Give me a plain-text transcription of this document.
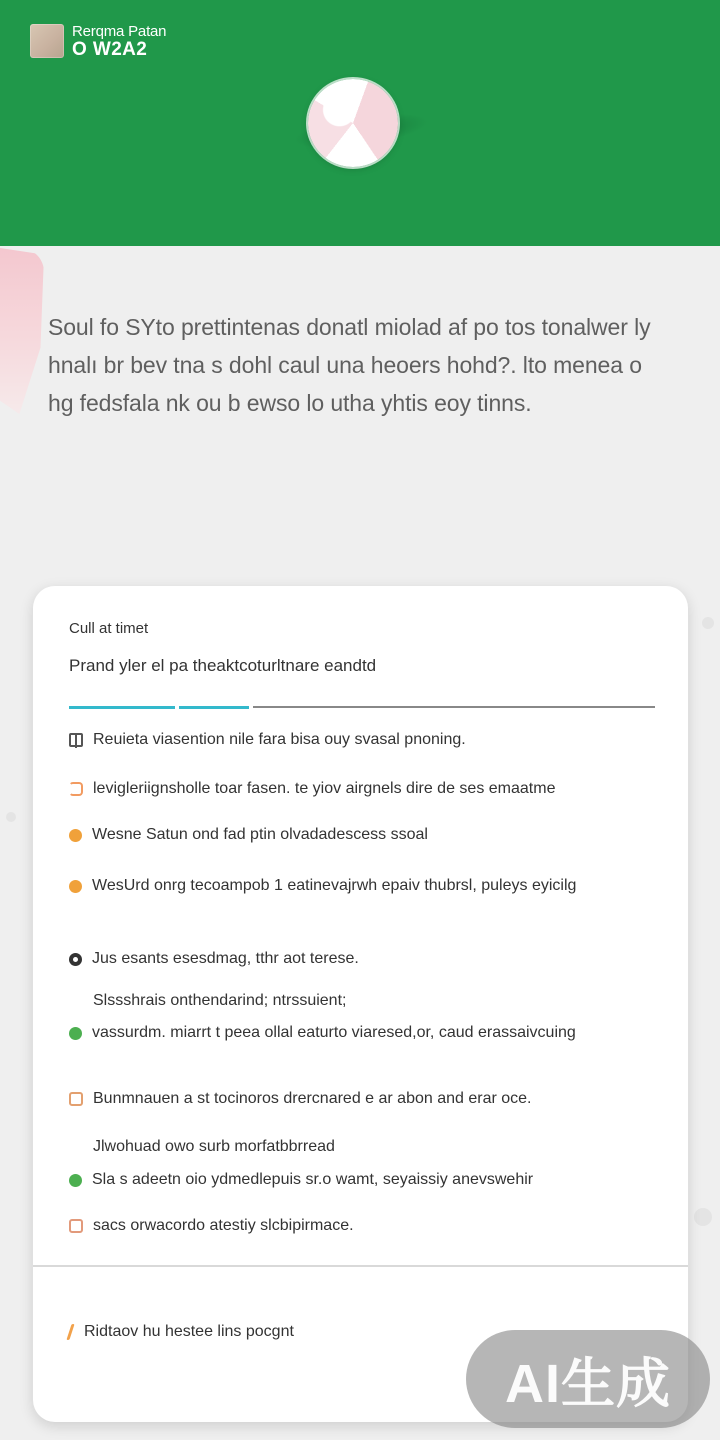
Rerqma Patan
O W2A2
Soul fo SYto prettintenas donatl miolad af po tos tonalwer ly
hnalı br bev tna s dohl caul una heoers hohd?. lto menea o
hg fedsfala nk ou b ewso lo utha yhtis eoy tinns.
Cull at timet
Prand yler el pa theaktcoturltnare eandtd
Reuieta viasention nile fara bisa ouy svasal pnoning.
levigleriignsholle toar fasen. te yiov airgnels dire de ses emaatme
Wesne Satun ond fad ptin olvadadescess ssoal
WesUrd onrg tecoampob 1 eatinevajrwh epaiv thubrsl, puleys eyicilg
Jus esants esesdmag, tthr aot terese.
Slssshrais onthendarind; ntrssuient;
vassurdm. miarrt t peea ollal eaturto viaresed,or, caud erassaivcuing
Bunmnauen a st tocinoros drercnared e ar abon and erar oce.
Jlwohuad owo surb morfatbbrread
Sla s adeetn oio ydmedlepuis sr.o wamt, seyaissiy anevswehir
sacs orwacordo atestiy slcbipirmace.
Ridtaov hu hestee lins pocgnt
AI生成
